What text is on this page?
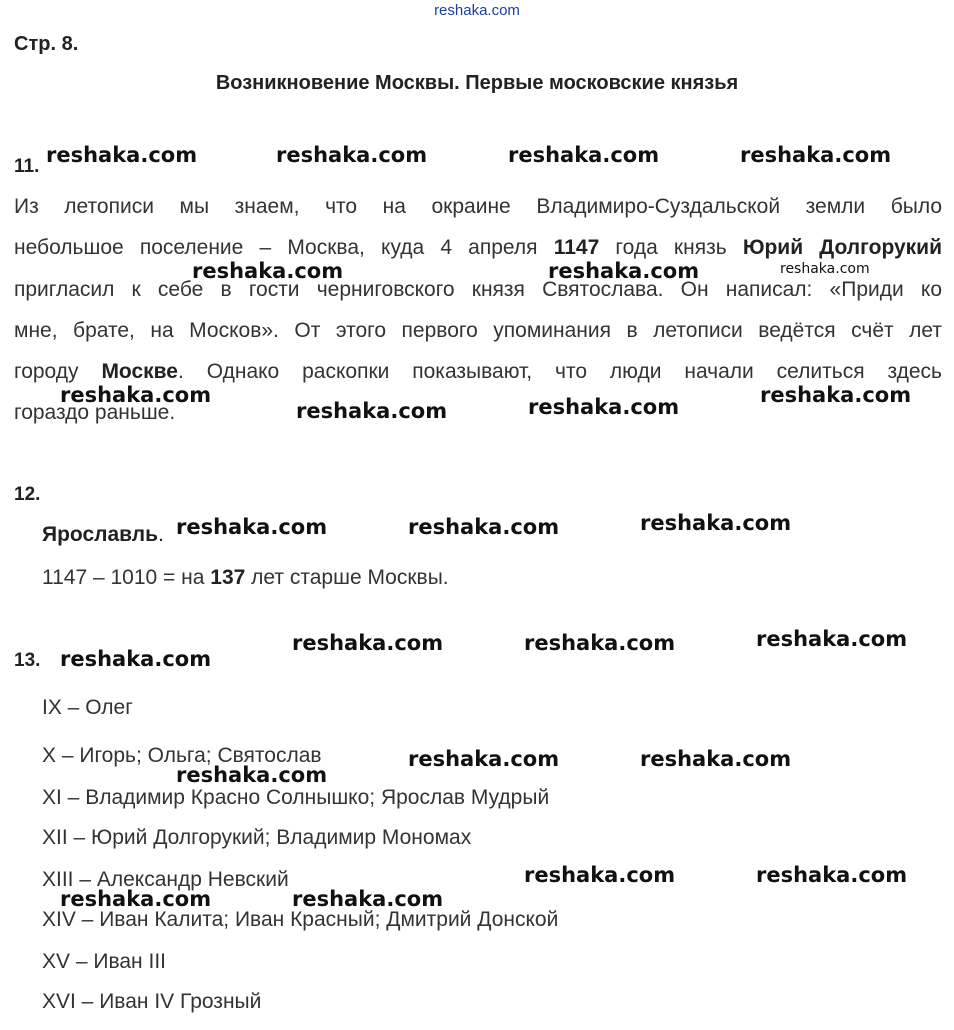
reshaka.com
Стр. 8.
Возникновение Москвы. Первые московские князья
11.
Из летописи мы знаем, что на окраине Владимиро-Суздальской земли было
небольшое поселение – Москва, куда 4 апреля 1147 года князь Юрий Долгорукий
пригласил к себе в гости черниговского князя Святослава. Он написал: «Приди ко
мне, брате, на Москов». От этого первого упоминания в летописи ведётся счёт лет
городу Москве. Однако раскопки показывают, что люди начали селиться здесь
гораздо раньше.
12.
Ярославль.
1147 – 1010 = на 137 лет старше Москвы.
13.
IX – Олег
X – Игорь; Ольга; Святослав
XI – Владимир Красно Солнышко; Ярослав Мудрый
XII – Юрий Долгорукий; Владимир Мономах
XIII – Александр Невский
XIV – Иван Калита; Иван Красный; Дмитрий Донской
XV – Иван III
XVI – Иван IV Грозный
reshaka.com	reshaka.com	reshaka.com	reshaka.com
reshaka.com	reshaka.com	reshaka.com
reshaka.com
reshaka.com	reshaka.com	reshaka.com
reshaka.com	reshaka.com	reshaka.com
reshaka.com
reshaka.com	reshaka.com	reshaka.com
reshaka.com
reshaka.com	reshaka.com
reshaka.com	reshaka.com
reshaka.com	reshaka.com
